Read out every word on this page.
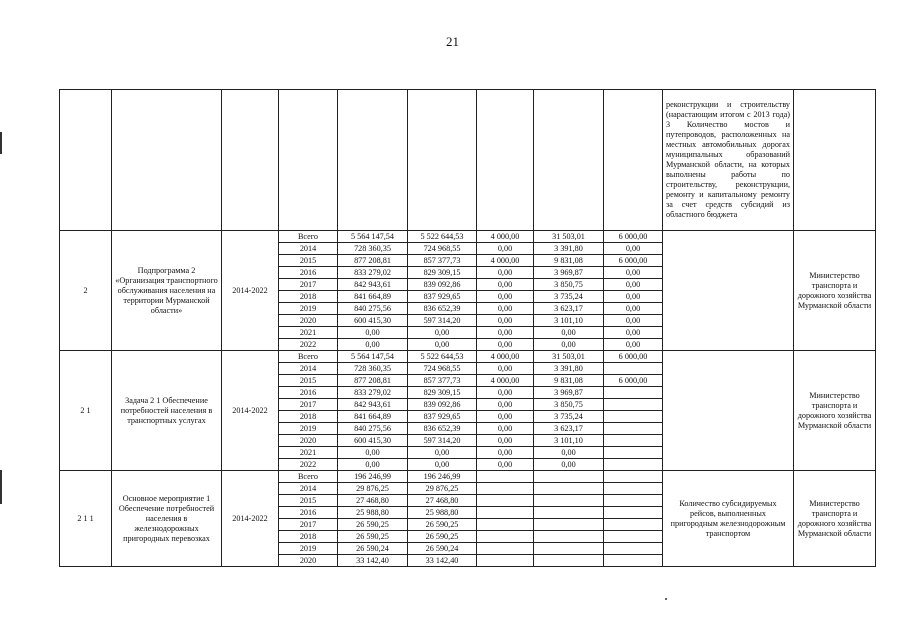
21
									реконструкции и строительству (нарастающим итогом с 2013 года) 3 Количество мостов и путепроводов, расположенных на местных автомобильных дорогах муниципальных образований Мурманской области, на которых выполнены работы по строительству, реконструкции, ремонту и капитальному ремонту за счет средств субсидий из областного бюджета	
2	Подпрограмма 2 «Организация транспортного обслуживания населения на территории Мурманской области»	2014-2022	Всего	5 564 147,54	5 522 644,53	4 000,00	31 503,01	6 000,00		Министерство транспорта и дорожного хозяйства Мурманской области
			2014	728 360,35	724 968,55	0,00	3 391,80	0,00		
			2015	877 208,81	857 377,73	4 000,00	9 831,08	6 000,00		
			2016	833 279,02	829 309,15	0,00	3 969,87	0,00		
			2017	842 943,61	839 092,86	0,00	3 850,75	0,00		
			2018	841 664,89	837 929,65	0,00	3 735,24	0,00		
			2019	840 275,56	836 652,39	0,00	3 623,17	0,00		
			2020	600 415,30	597 314,20	0,00	3 101,10	0,00		
			2021	0,00	0,00	0,00	0,00	0,00		
			2022	0,00	0,00	0,00	0,00	0,00		
2 1	Задача 2 1 Обеспечение потребностей населения в транспортных услугах	2014-2022	Всего	5 564 147,54	5 522 644,53	4 000,00	31 503,01	6 000,00		Министерство транспорта и дорожного хозяйства Мурманской области
			2014	728 360,35	724 968,55	0,00	3 391,80			
			2015	877 208,81	857 377,73	4 000,00	9 831,08	6 000,00		
			2016	833 279,02	829 309,15	0,00	3 969,87			
			2017	842 943,61	839 092,86	0,00	3 850,75			
			2018	841 664,89	837 929,65	0,00	3 735,24			
			2019	840 275,56	836 652,39	0,00	3 623,17			
			2020	600 415,30	597 314,20	0,00	3 101,10			
			2021	0,00	0,00	0,00	0,00			
			2022	0,00	0,00	0,00	0,00			
2 1 1	Основное мероприятие 1 Обеспечение потребностей населения в железнодорожных пригородных перевозках	2014-2022	Всего	196 246,99	196 246,99				Количество субсидируемых рейсов, выполненных пригородным железнодорожным транспортом	Министерство транспорта и дорожного хозяйства Мурманской области
			2014	29 876,25	29 876,25					
			2015	27 468,80	27 468,80					
			2016	25 988,80	25 988,80					
			2017	26 590,25	26 590,25					
			2018	26 590,25	26 590,25					
			2019	26 590,24	26 590,24					
			2020	33 142,40	33 142,40					
